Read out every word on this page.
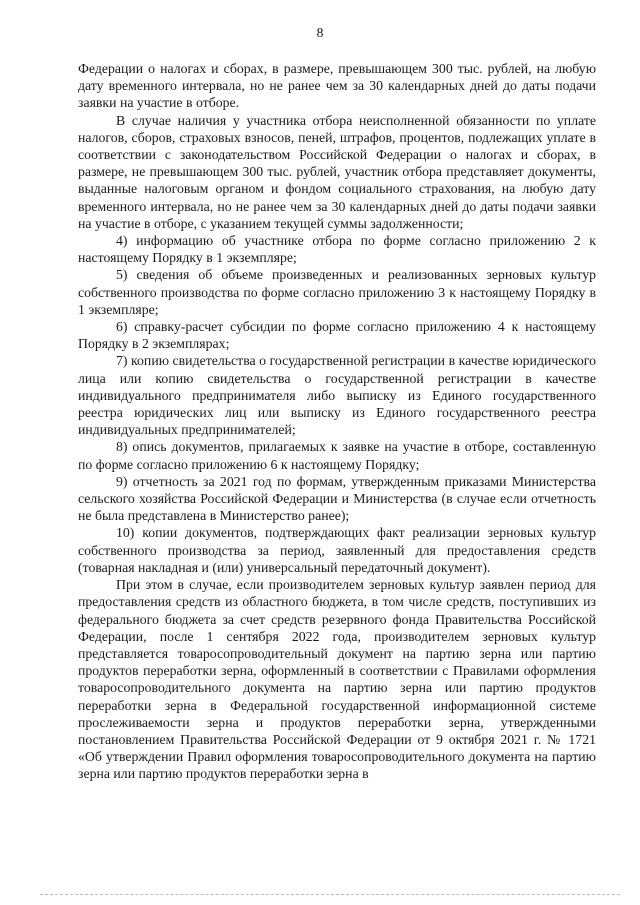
8

Федерации о налогах и сборах, в размере, превышающем 300 тыс. рублей, на любую дату временного интервала, но не ранее чем за 30 календарных дней до даты подачи заявки на участие в отборе.

В случае наличия у участника отбора неисполненной обязанности по уплате налогов, сборов, страховых взносов, пеней, штрафов, процентов, подлежащих уплате в соответствии с законодательством Российской Федерации о налогах и сборах, в размере, не превышающем 300 тыс. рублей, участник отбора представляет документы, выданные налоговым органом и фондом социального страхования, на любую дату временного интервала, но не ранее чем за 30 календарных дней до даты подачи заявки на участие в отборе, с указанием текущей суммы задолженности;

4) информацию об участнике отбора по форме согласно приложению 2 к настоящему Порядку в 1 экземпляре;

5) сведения об объеме произведенных и реализованных зерновых культур собственного производства по форме согласно приложению 3 к настоящему Порядку в 1 экземпляре;

6) справку-расчет субсидии по форме согласно приложению 4 к настоящему Порядку в 2 экземплярах;

7) копию свидетельства о государственной регистрации в качестве юридического лица или копию свидетельства о государственной регистрации в качестве индивидуального предпринимателя либо выписку из Единого государственного реестра юридических лиц или выписку из Единого государственного реестра индивидуальных предпринимателей;

8) опись документов, прилагаемых к заявке на участие в отборе, составленную по форме согласно приложению 6 к настоящему Порядку;

9) отчетность за 2021 год по формам, утвержденным приказами Министерства сельского хозяйства Российской Федерации и Министерства (в случае если отчетность не была представлена в Министерство ранее);

10) копии документов, подтверждающих факт реализации зерновых культур собственного производства за период, заявленный для предоставления средств (товарная накладная и (или) универсальный передаточный документ).

При этом в случае, если производителем зерновых культур заявлен период для предоставления средств из областного бюджета, в том числе средств, поступивших из федерального бюджета за счет средств резервного фонда Правительства Российской Федерации, после 1 сентября 2022 года, производителем зерновых культур представляется товаросопроводительный документ на партию зерна или партию продуктов переработки зерна, оформленный в соответствии с Правилами оформления товаросопроводительного документа на партию зерна или партию продуктов переработки зерна в Федеральной государственной информационной системе прослеживаемости зерна и продуктов переработки зерна, утвержденными постановлением Правительства Российской Федерации от 9 октября 2021 г. № 1721 «Об утверждении Правил оформления товаросопроводительного документа на партию зерна или партию продуктов переработки зерна в
